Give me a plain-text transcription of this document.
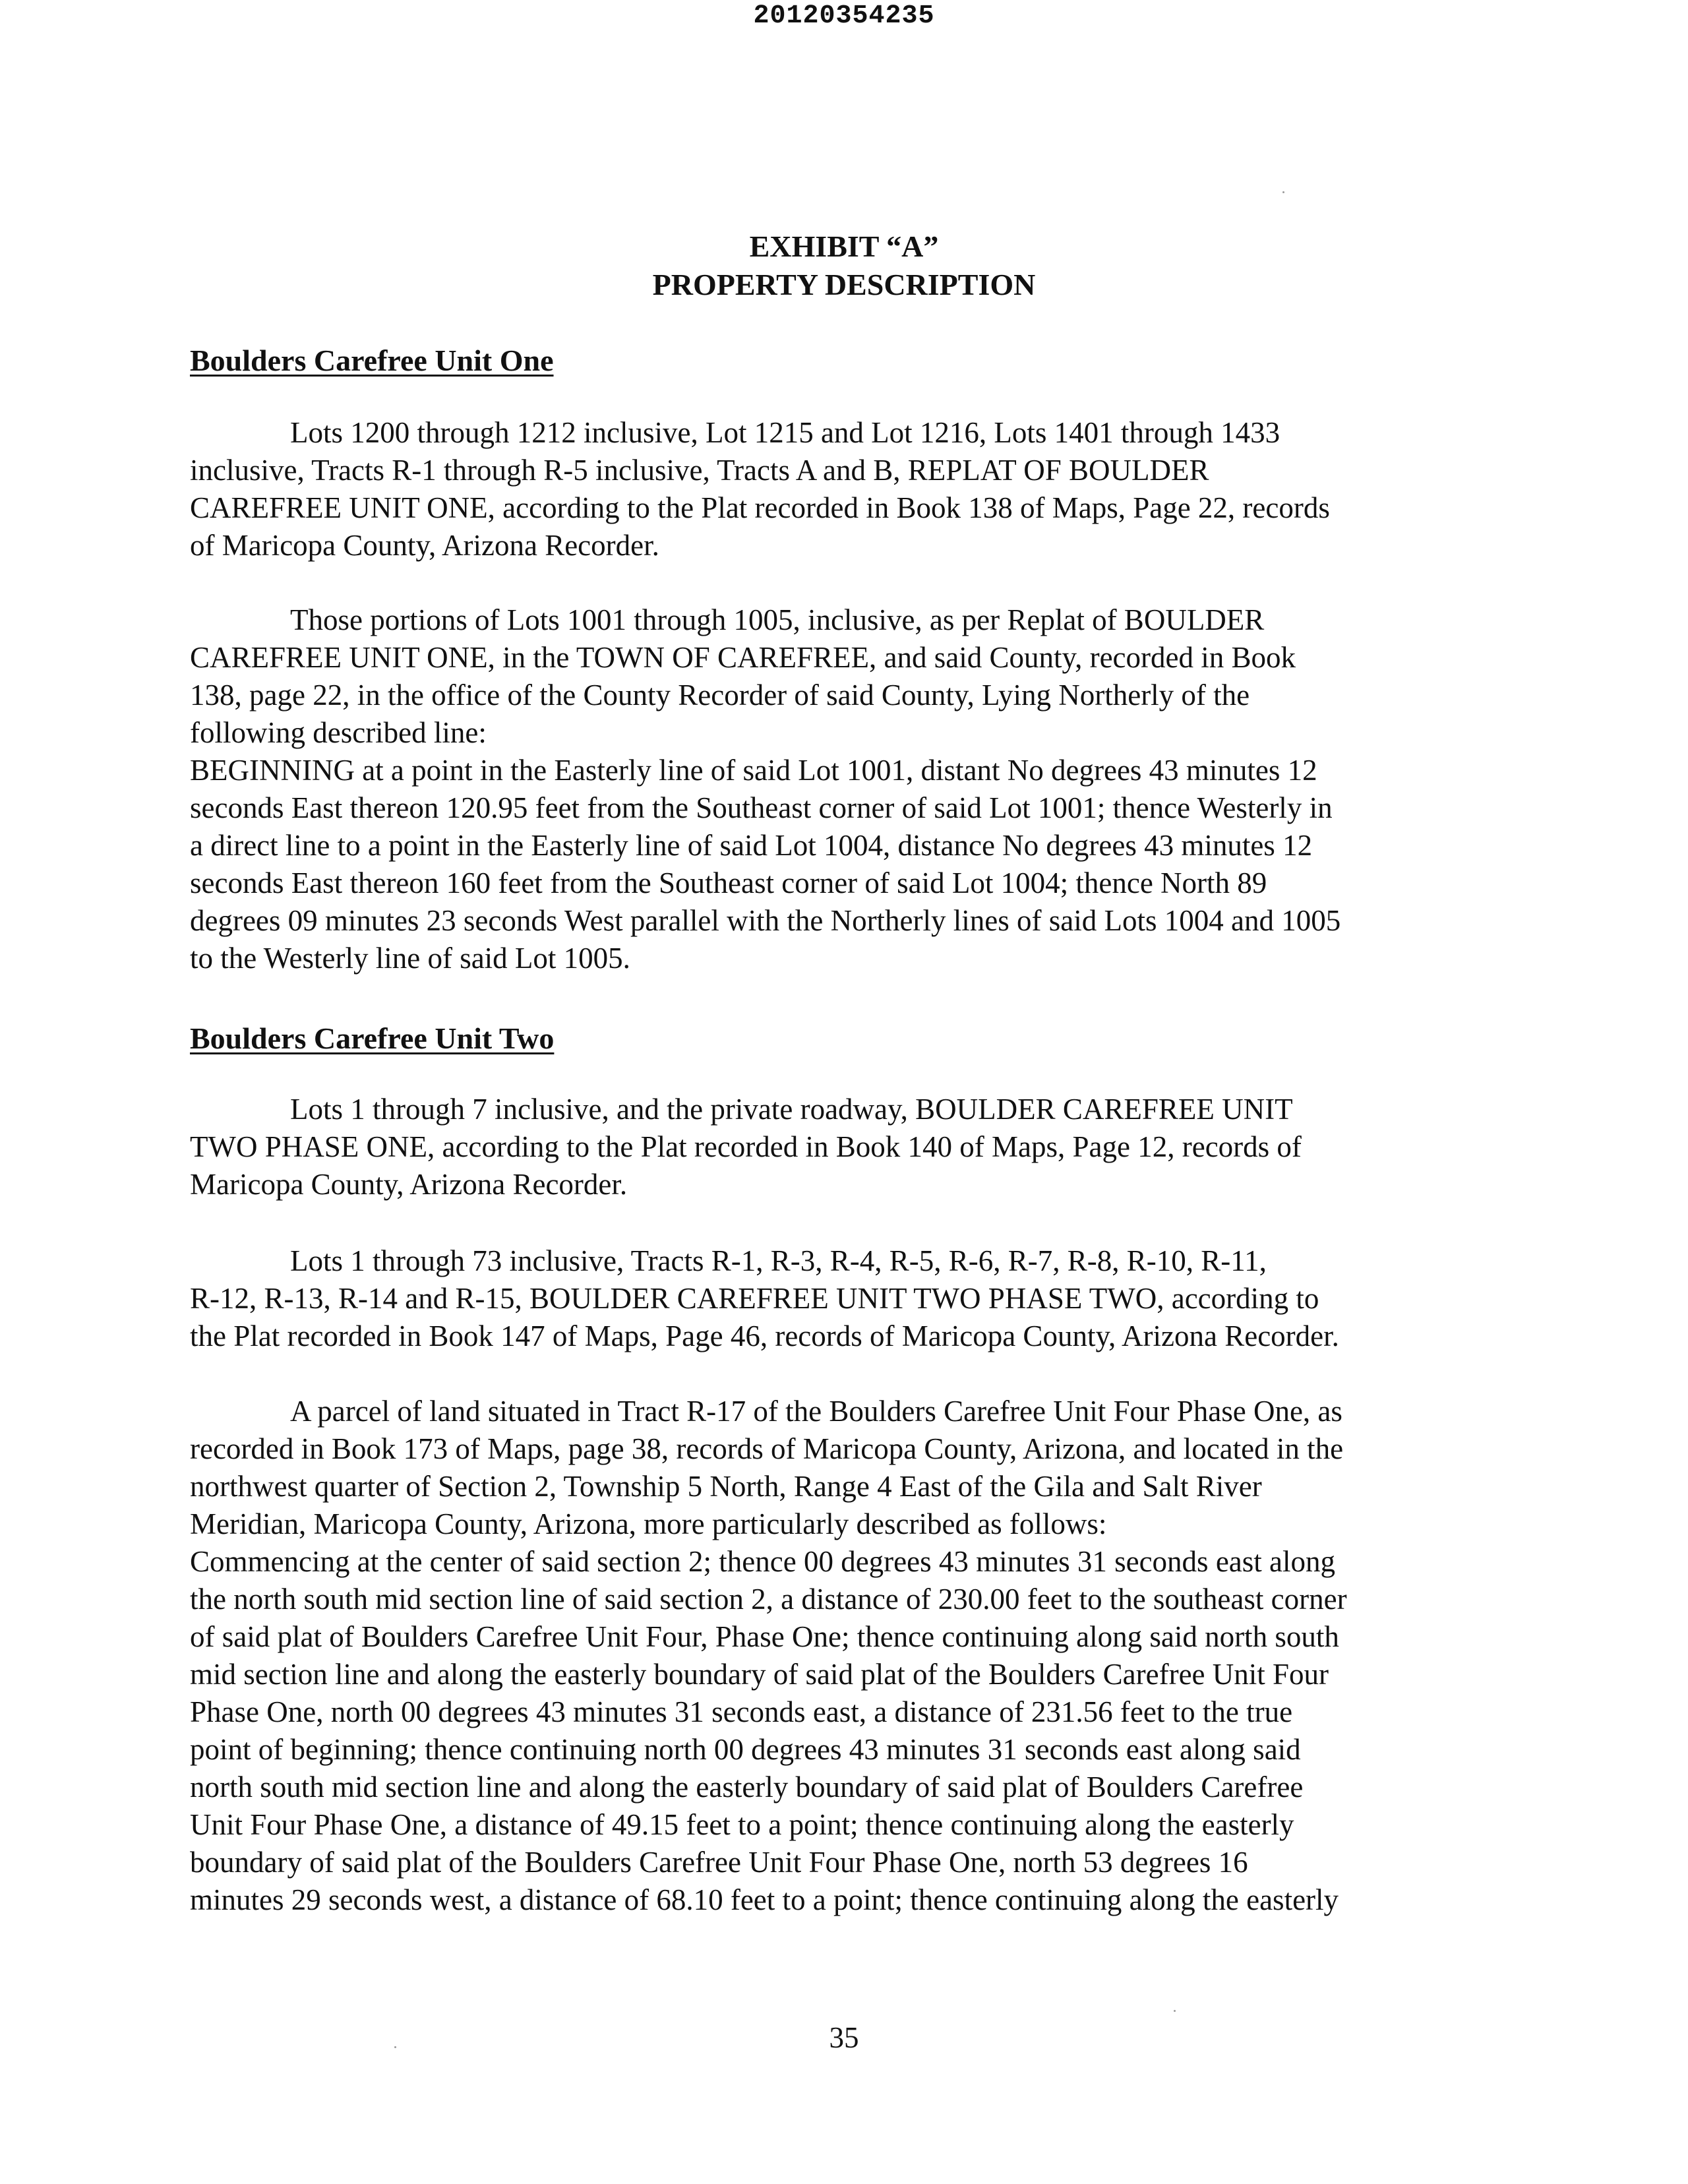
20120354235
EXHIBIT “A”
PROPERTY DESCRIPTION
Boulders Carefree Unit One
Lots 1200 through 1212 inclusive, Lot 1215 and Lot 1216, Lots 1401 through 1433
inclusive, Tracts R-1 through R-5 inclusive, Tracts A and B, REPLAT OF BOULDER
CAREFREE UNIT ONE, according to the Plat recorded in Book 138 of Maps, Page 22, records
of Maricopa County, Arizona Recorder.
Those portions of Lots 1001 through 1005, inclusive, as per Replat of BOULDER
CAREFREE UNIT ONE, in the TOWN OF CAREFREE, and said County, recorded in Book
138, page 22, in the office of the County Recorder of said County, Lying Northerly of the
following described line:
BEGINNING at a point in the Easterly line of said Lot 1001, distant No degrees 43 minutes 12
seconds East thereon 120.95 feet from the Southeast corner of said Lot 1001; thence Westerly in
a direct line to a point in the Easterly line of said Lot 1004, distance No degrees 43 minutes 12
seconds East thereon 160 feet from the Southeast corner of said Lot 1004; thence North 89
degrees 09 minutes 23 seconds West parallel with the Northerly lines of said Lots 1004 and 1005
to the Westerly line of said Lot 1005.
Boulders Carefree Unit Two
Lots 1 through 7 inclusive, and the private roadway, BOULDER CAREFREE UNIT
TWO PHASE ONE, according to the Plat recorded in Book 140 of Maps, Page 12, records of
Maricopa County, Arizona Recorder.
Lots 1 through 73 inclusive, Tracts R-1, R-3, R-4, R-5, R-6, R-7, R-8, R-10, R-11,
R-12, R-13, R-14 and R-15, BOULDER CAREFREE UNIT TWO PHASE TWO, according to
the Plat recorded in Book 147 of Maps, Page 46, records of Maricopa County, Arizona Recorder.
A parcel of land situated in Tract R-17 of the Boulders Carefree Unit Four Phase One, as
recorded in Book 173 of Maps, page 38, records of Maricopa County, Arizona, and located in the
northwest quarter of Section 2, Township 5 North, Range 4 East of the Gila and Salt River
Meridian, Maricopa County, Arizona, more particularly described as follows:
Commencing at the center of said section 2; thence 00 degrees 43 minutes 31 seconds east along
the north south mid section line of said section 2, a distance of 230.00 feet to the southeast corner
of said plat of Boulders Carefree Unit Four, Phase One; thence continuing along said north south
mid section line and along the easterly boundary of said plat of the Boulders Carefree Unit Four
Phase One, north 00 degrees 43 minutes 31 seconds east, a distance of 231.56 feet to the true
point of beginning; thence continuing north 00 degrees 43 minutes 31 seconds east along said
north south mid section line and along the easterly boundary of said plat of Boulders Carefree
Unit Four Phase One, a distance of 49.15 feet to a point; thence continuing along the easterly
boundary of said plat of the Boulders Carefree Unit Four Phase One, north 53 degrees 16
minutes 29 seconds west, a distance of 68.10 feet to a point; thence continuing along the easterly
35
